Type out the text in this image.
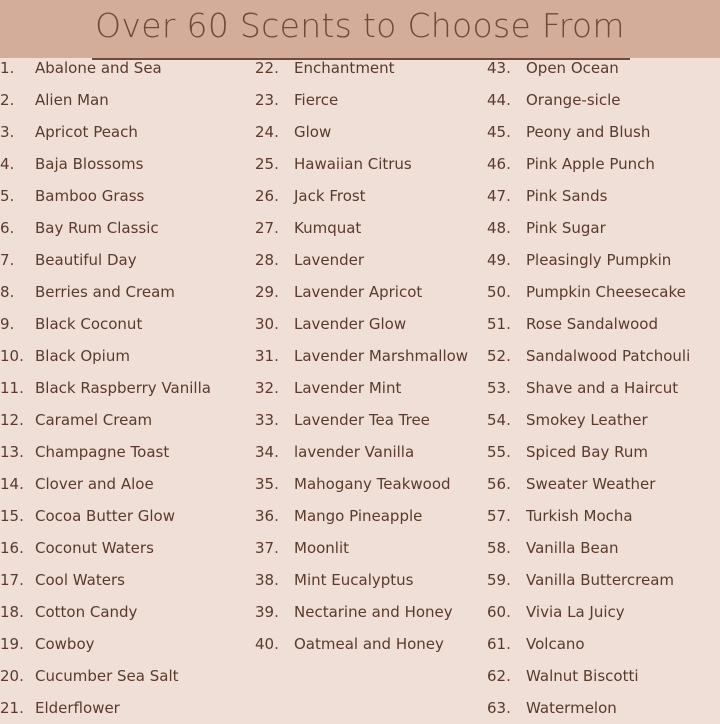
Over 60 Scents to Choose From
1. Abalone and Sea
2. Alien Man
3. Apricot Peach
4. Baja Blossoms
5. Bamboo Grass
6. Bay Rum Classic
7. Beautiful Day
8. Berries and Cream
9. Black Coconut
10. Black Opium
11. Black Raspberry Vanilla
12. Caramel Cream
13. Champagne Toast
14. Clover and Aloe
15. Cocoa Butter Glow
16. Coconut Waters
17. Cool Waters
18. Cotton Candy
19. Cowboy
20. Cucumber Sea Salt
21. Elderflower
22. Enchantment
23. Fierce
24. Glow
25. Hawaiian Citrus
26. Jack Frost
27. Kumquat
28. Lavender
29. Lavender Apricot
30. Lavender Glow
31. Lavender Marshmallow
32. Lavender Mint
33. Lavender Tea Tree
34. lavender Vanilla
35. Mahogany Teakwood
36. Mango Pineapple
37. Moonlit
38. Mint Eucalyptus
39. Nectarine and Honey
40. Oatmeal and Honey
43. Open Ocean
44. Orange-sicle
45. Peony and Blush
46. Pink Apple Punch
47. Pink Sands
48. Pink Sugar
49. Pleasingly Pumpkin
50. Pumpkin Cheesecake
51. Rose Sandalwood
52. Sandalwood Patchouli
53. Shave and a Haircut
54. Smokey Leather
55. Spiced Bay Rum
56. Sweater Weather
57. Turkish Mocha
58. Vanilla Bean
59. Vanilla Buttercream
60. Vivia La Juicy
61. Volcano
62. Walnut Biscotti
63. Watermelon
